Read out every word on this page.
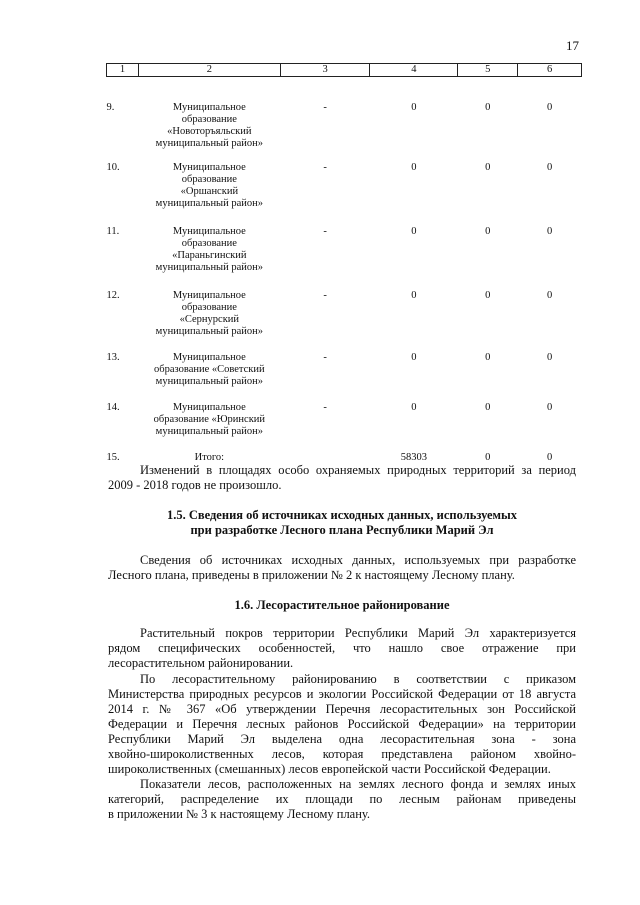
17
1	2	3	4	5	6
9.	Муниципальное
образование
«Новоторъяльский
муниципальный район»	-	0	0	0
10.	Муниципальное
образование
«Оршанский
муниципальный район»	-	0	0	0
11.	Муниципальное
образование
«Параньгинский
муниципальный район»	-	0	0	0
12.	Муниципальное
образование
«Сернурский
муниципальный район»	-	0	0	0
13.	Муниципальное
образование «Советский
муниципальный район»	-	0	0	0
14.	Муниципальное
образование «Юринский
муниципальный район»	-	0	0	0
15.	Итого:		58303	0	0
Изменений в площадях особо охраняемых природных территорий за период
2009 - 2018 годов не произошло.
1.5. Сведения об источниках исходных данных, используемых
при разработке Лесного плана Республики Марий Эл
Сведения об источниках исходных данных, используемых при разработке
Лесного плана, приведены в приложении № 2 к настоящему Лесному плану.
1.6. Лесорастительное районирование
Растительный покров территории Республики Марий Эл характеризуется
рядом специфических особенностей, что нашло свое отражение при
лесорастительном районировании.
По лесорастительному районированию в соответствии с приказом
Министерства природных ресурсов и экологии Российской Федерации от 18 августа
2014 г. № 367 «Об утверждении Перечня лесорастительных зон Российской
Федерации и Перечня лесных районов Российской Федерации» на территории
Республики Марий Эл выделена одна лесорастительная зона - зона
хвойно-широколиственных лесов, которая представлена районом хвойно-
широколиственных (смешанных) лесов европейской части Российской Федерации.
Показатели лесов, расположенных на землях лесного фонда и землях иных
категорий, распределение их площади по лесным районам приведены
в приложении № 3 к настоящему Лесному плану.
